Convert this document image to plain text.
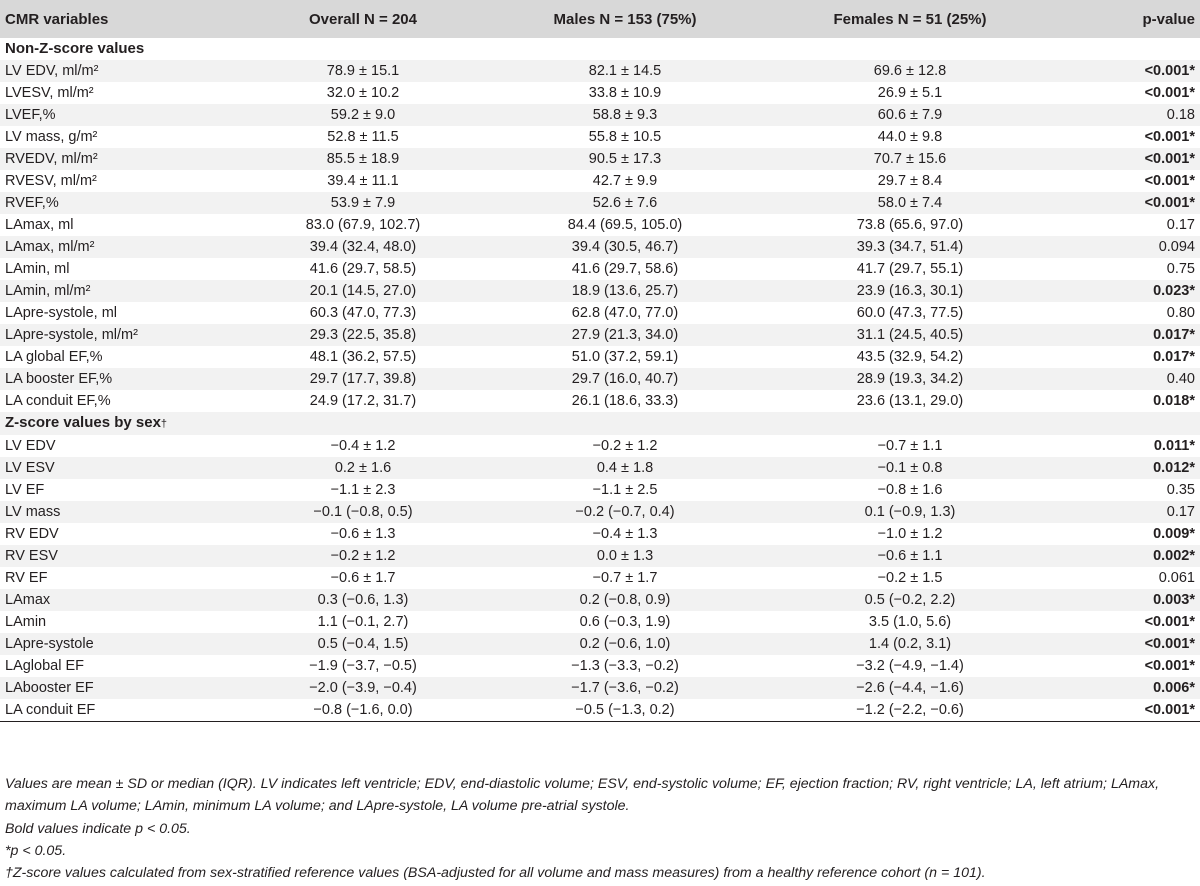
CMR variables	Overall N = 204	Males N = 153 (75%)	Females N = 51 (25%)	p-value
Non-Z-score values				
LV EDV, ml/m²	78.9 ± 15.1	82.1 ± 14.5	69.6 ± 12.8	<0.001*
LVESV, ml/m²	32.0 ± 10.2	33.8 ± 10.9	26.9 ± 5.1	<0.001*
LVEF,%	59.2 ± 9.0	58.8 ± 9.3	60.6 ± 7.9	0.18
LV mass, g/m²	52.8 ± 11.5	55.8 ± 10.5	44.0 ± 9.8	<0.001*
RVEDV, ml/m²	85.5 ± 18.9	90.5 ± 17.3	70.7 ± 15.6	<0.001*
RVESV, ml/m²	39.4 ± 11.1	42.7 ± 9.9	29.7 ± 8.4	<0.001*
RVEF,%	53.9 ± 7.9	52.6 ± 7.6	58.0 ± 7.4	<0.001*
LAmax, ml	83.0 (67.9, 102.7)	84.4 (69.5, 105.0)	73.8 (65.6, 97.0)	0.17
LAmax, ml/m²	39.4 (32.4, 48.0)	39.4 (30.5, 46.7)	39.3 (34.7, 51.4)	0.094
LAmin, ml	41.6 (29.7, 58.5)	41.6 (29.7, 58.6)	41.7 (29.7, 55.1)	0.75
LAmin, ml/m²	20.1 (14.5, 27.0)	18.9 (13.6, 25.7)	23.9 (16.3, 30.1)	0.023*
LApre-systole, ml	60.3 (47.0, 77.3)	62.8 (47.0, 77.0)	60.0 (47.3, 77.5)	0.80
LApre-systole, ml/m²	29.3 (22.5, 35.8)	27.9 (21.3, 34.0)	31.1 (24.5, 40.5)	0.017*
LA global EF,%	48.1 (36.2, 57.5)	51.0 (37.2, 59.1)	43.5 (32.9, 54.2)	0.017*
LA booster EF,%	29.7 (17.7, 39.8)	29.7 (16.0, 40.7)	28.9 (19.3, 34.2)	0.40
LA conduit EF,%	24.9 (17.2, 31.7)	26.1 (18.6, 33.3)	23.6 (13.1, 29.0)	0.018*
Z-score values by sex†				
LV EDV	−0.4 ± 1.2	−0.2 ± 1.2	−0.7 ± 1.1	0.011*
LV ESV	0.2 ± 1.6	0.4 ± 1.8	−0.1 ± 0.8	0.012*
LV EF	−1.1 ± 2.3	−1.1 ± 2.5	−0.8 ± 1.6	0.35
LV mass	−0.1 (−0.8, 0.5)	−0.2 (−0.7, 0.4)	0.1 (−0.9, 1.3)	0.17
RV EDV	−0.6 ± 1.3	−0.4 ± 1.3	−1.0 ± 1.2	0.009*
RV ESV	−0.2 ± 1.2	0.0 ± 1.3	−0.6 ± 1.1	0.002*
RV EF	−0.6 ± 1.7	−0.7 ± 1.7	−0.2 ± 1.5	0.061
LAmax	0.3 (−0.6, 1.3)	0.2 (−0.8, 0.9)	0.5 (−0.2, 2.2)	0.003*
LAmin	1.1 (−0.1, 2.7)	0.6 (−0.3, 1.9)	3.5 (1.0, 5.6)	<0.001*
LApre-systole	0.5 (−0.4, 1.5)	0.2 (−0.6, 1.0)	1.4 (0.2, 3.1)	<0.001*
LAglobal EF	−1.9 (−3.7, −0.5)	−1.3 (−3.3, −0.2)	−3.2 (−4.9, −1.4)	<0.001*
LAbooster EF	−2.0 (−3.9, −0.4)	−1.7 (−3.6, −0.2)	−2.6 (−4.4, −1.6)	0.006*
LA conduit EF	−0.8 (−1.6, 0.0)	−0.5 (−1.3, 0.2)	−1.2 (−2.2, −0.6)	<0.001*
Values are mean ± SD or median (IQR). LV indicates left ventricle; EDV, end-diastolic volume; ESV, end-systolic volume; EF, ejection fraction; RV, right ventricle; LA, left atrium; LAmax, maximum LA volume; LAmin, minimum LA volume; and LApre-systole, LA volume pre-atrial systole.
Bold values indicate p < 0.05.
*p < 0.05.
†Z-score values calculated from sex-stratified reference values (BSA-adjusted for all volume and mass measures) from a healthy reference cohort (n = 101).
